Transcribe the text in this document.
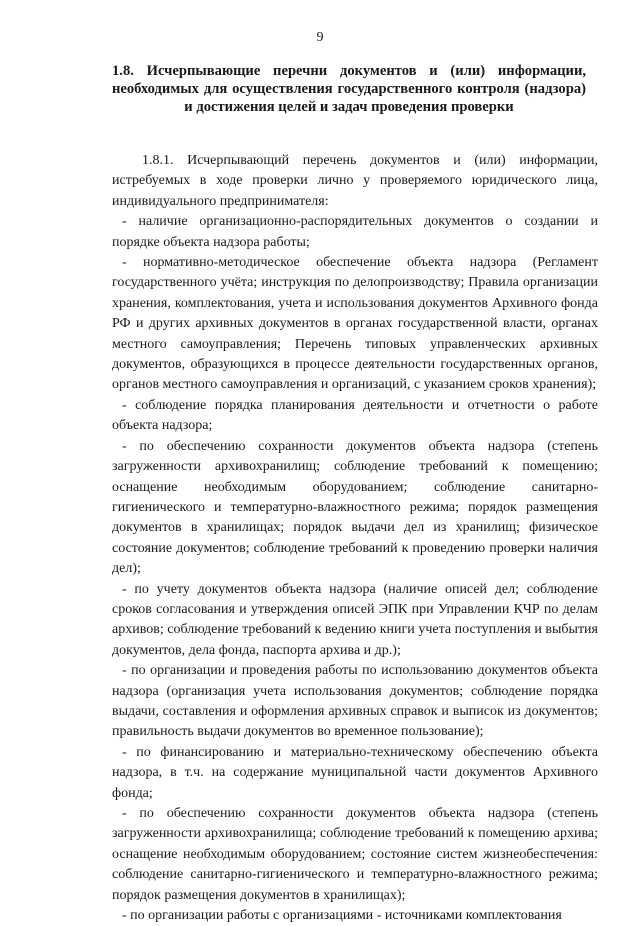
9
1.8. Исчерпывающие перечни документов и (или) информации, необходимых для осуществления государственного контроля (надзора) и достижения целей и задач проведения проверки

1.8.1. Исчерпывающий перечень документов и (или) информации, истребуемых в ходе проверки лично у проверяемого юридического лица, индивидуального предпринимателя:

- наличие организационно-распорядительных документов о создании и порядке объекта надзора работы;

- нормативно-методическое обеспечение объекта надзора (Регламент государственного учёта; инструкция по делопроизводству; Правила организации хранения, комплектования, учета и использования документов Архивного фонда РФ и других архивных документов в органах государственной власти, органах местного самоуправления; Перечень типовых управленческих архивных документов, образующихся в процессе деятельности государственных органов, органов местного самоуправления и организаций, с указанием сроков хранения);

- соблюдение порядка планирования деятельности и отчетности о работе объекта надзора;

- по обеспечению сохранности документов объекта надзора (степень загруженности архивохранилищ; соблюдение требований к помещению; оснащение необходимым оборудованием; соблюдение санитарно-гигиенического и температурно-влажностного режима; порядок размещения документов в хранилищах; порядок выдачи дел из хранилищ; физическое состояние документов; соблюдение требований к проведению проверки наличия дел);

- по учету документов объекта надзора (наличие описей дел; соблюдение сроков согласования и утверждения описей ЭПК при Управлении КЧР по делам архивов; соблюдение требований к ведению книги учета поступления и выбытия документов, дела фонда, паспорта архива и др.);

- по организации и проведения работы по использованию документов объекта надзора (организация учета использования документов; соблюдение порядка выдачи, составления и оформления архивных справок и выписок из документов; правильность выдачи документов во временное пользование);

- по финансированию и материально-техническому обеспечению объекта надзора, в т.ч. на содержание муниципальной части документов Архивного фонда;

- по обеспечению сохранности документов объекта надзора (степень загруженности архивохранилища; соблюдение требований к помещению архива; оснащение необходимым оборудованием; состояние систем жизнеобеспечения: соблюдение санитарно-гигиенического и температурно-влажностного режима; порядок размещения документов в хранилищах);

- по организации работы с организациями - источниками комплектования
